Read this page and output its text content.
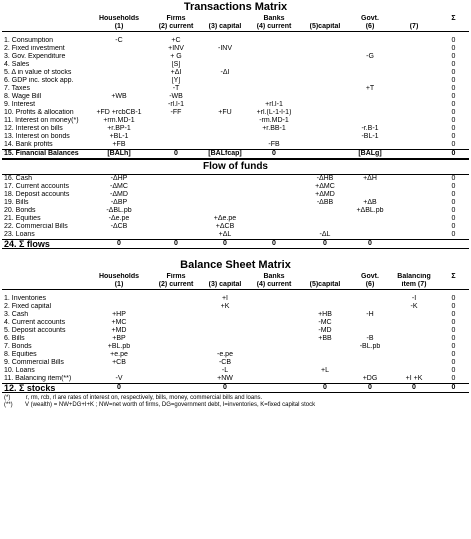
Transactions Matrix
	Households	Firms		Banks		Govt.		Σ
	(1)	(2) current	(3) capital	(4) current	(5)capital	(6)	(7)	

1. Consumption	-C	+C						0
2. Fixed investment		+INV	-INV					0
3. Gov. Expenditure		+ G				-G		0
4. Sales		[S]						0
5. Δ in value of stocks		+ΔI	-ΔI					0
6. GDP inc. stock app.		[Y]						0
7. Taxes		-T				+T		0
8. Wage Bill	+WB	-WB						0
9. Interest		-rl.l-1		+rl.l-1				0
10. Profits & allocation	+FD +rcbCB-1	-FF	+FU	+rl.(L-1-l-1)				0
11. Interest on money(*)	+rm.MD-1			-rm.MD-1				0
12. Interest on bills	+r.BP-1			+r.BB-1		-r.B-1		0
13. Interest on bonds	+BL-1					-BL-1		0
14. Bank profits	+FB			-FB				0
15. Financial Balances	[BALh]	0	[BALfcap]	0		[BALg]		0
Flow of funds
16. Cash	-ΔHP				-ΔHB	+ΔH		0
17. Current accounts	-ΔMC				+ΔMC			0
18. Deposit accounts	-ΔMD				+ΔMD			0
19. Bills	-ΔBP				-ΔBB	+ΔB		0
20. Bonds	-ΔBL.pb					+ΔBL.pb		0
21. Equities	-Δe.pe		+Δe.pe					0
22. Commercial Bills	-ΔCB		+ΔCB					0
23. Loans			+ΔL		-ΔL			0
24. Σ flows	0	0	0	0	0	0		
Balance Sheet Matrix
	Households	Firms		Banks		Govt.	Balancing	Σ
	(1)	(2) current	(3) capital	(4) current	(5)capital	(6)	item (7)	

1. Inventories			+I				-I	0
2. Fixed capital			+K				-K	0
3. Cash	+HP				+HB	-H		0
4. Current accounts	+MC				-MC			0
5. Deposit accounts	+MD				-MD			0
6. Bills	+BP				+BB	-B		0
7. Bonds	+BL.pb					-BL.pb		0
8. Equities	+e.pe		-e.pe					0
9. Commercial Bills	+CB		-CB					0
10. Loans			-L		+L			0
11. Balancing item(**)	-V		+NW			+DG	+I +K	0
12. Σ stocks	0		0		0	0	0	0
(*)	r, rm, rcb, rl are rates of interest on, respectively, bills, money, commercial bills and loans.
(**) V (wealth) = NW+DG+I+K ; NW=net worth of firms, DG=government debt, I=inventories, K=fixed capital stock
